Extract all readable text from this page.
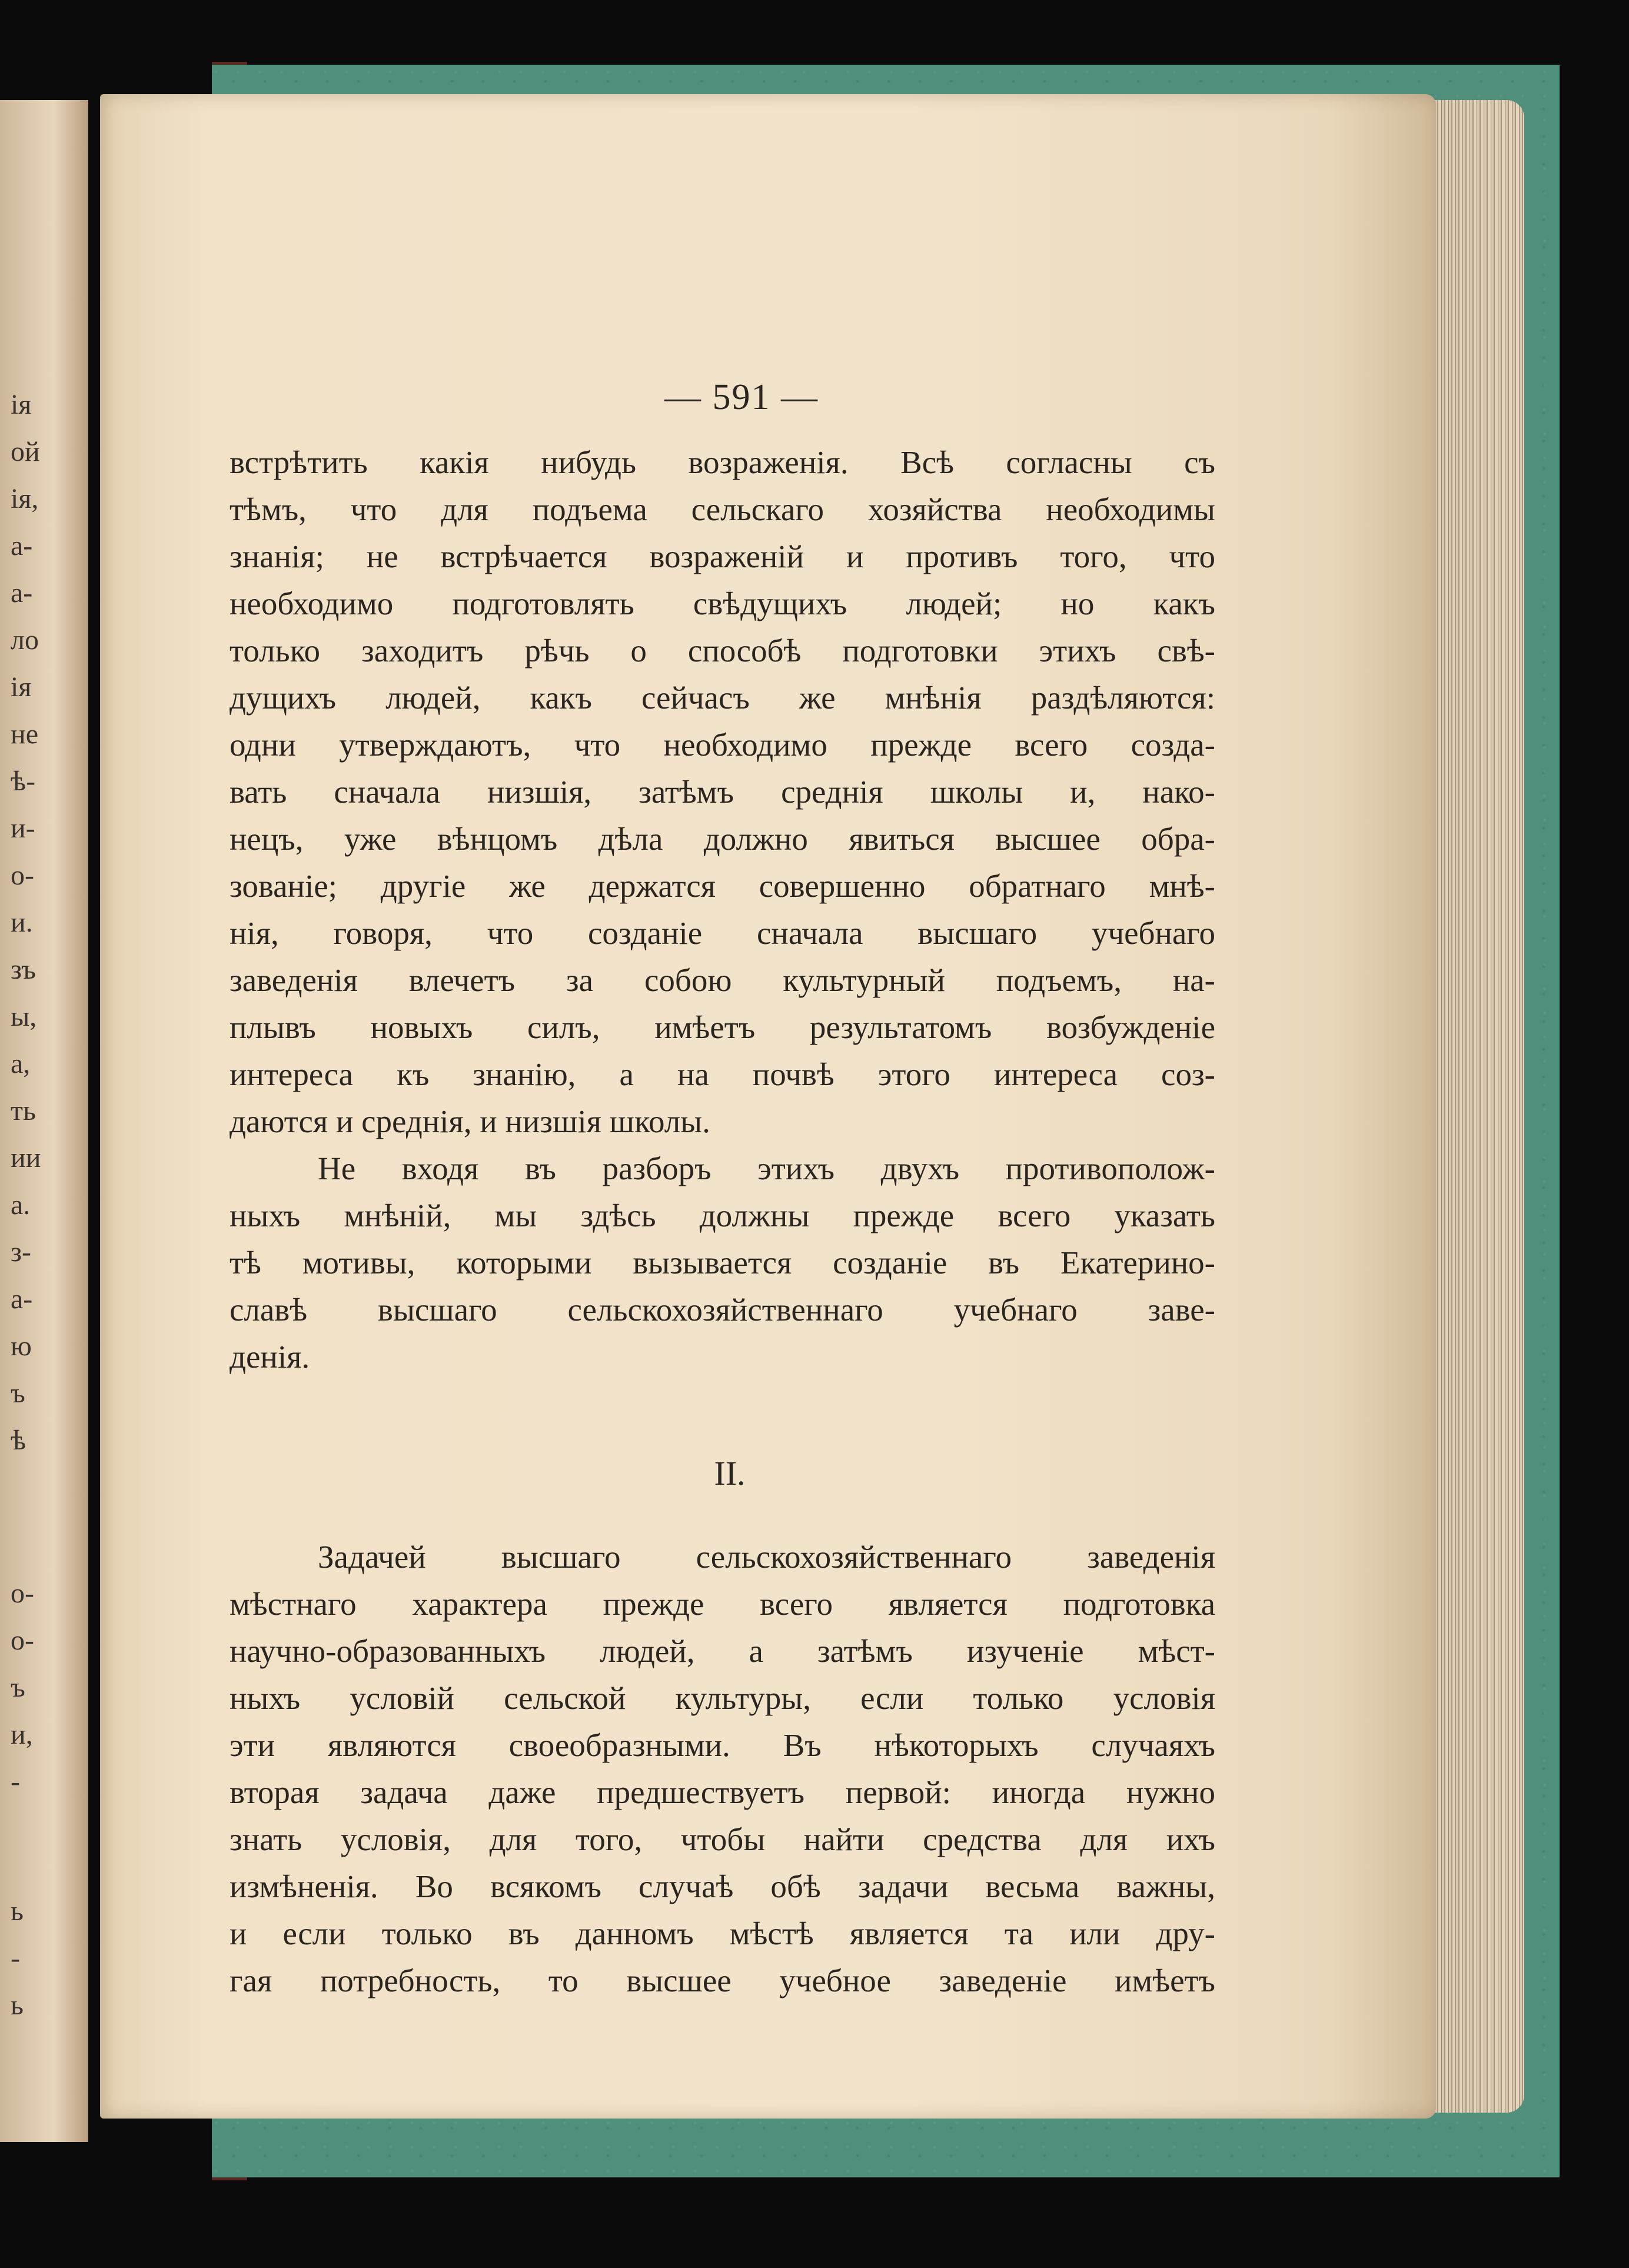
ія
ой
ія,
а-
а-
ло
ія
не
ѣ-
и-
о-
и.
зъ
ы,
а,
ть
ии
а.
з-
а-
ю
ъ
ѣ
о-
о-
ъ
и,
-
ь
-
ь
— 591 —
встрѣтить какія нибудь возраженія. Всѣ согласны съ
тѣмъ, что для подъема сельскаго хозяйства необходимы
знанія; не встрѣчается возраженій и противъ того, что
необходимо подготовлять свѣдущихъ людей; но какъ
только заходитъ рѣчь о способѣ подготовки этихъ свѣ-
дущихъ людей, какъ сейчасъ же мнѣнія раздѣляются:
одни утверждаютъ, что необходимо прежде всего созда-
вать сначала низшія, затѣмъ среднія школы и, нако-
нецъ, уже вѣнцомъ дѣла должно явиться высшее обра-
зованіе; другіе же держатся совершенно обратнаго мнѣ-
нія, говоря, что созданіе сначала высшаго учебнаго
заведенія влечетъ за собою культурный подъемъ, на-
плывъ новыхъ силъ, имѣетъ результатомъ возбужденіе
интереса къ знанію, а на почвѣ этого интереса соз-
даются и среднія, и низшія школы.
Не входя въ разборъ этихъ двухъ противополож-
ныхъ мнѣній, мы здѣсь должны прежде всего указать
тѣ мотивы, которыми вызывается созданіе въ Екатерино-
славѣ высшаго сельскохозяйственнаго учебнаго заве-
денія.
II.
Задачей высшаго сельскохозяйственнаго заведенія
мѣстнаго характера прежде всего является подготовка
научно-образованныхъ людей, а затѣмъ изученіе мѣст-
ныхъ условій сельской культуры, если только условія
эти являются своеобразными. Въ нѣкоторыхъ случаяхъ
вторая задача даже предшествуетъ первой: иногда нужно
знать условія, для того, чтобы найти средства для ихъ
измѣненія. Во всякомъ случаѣ обѣ задачи весьма важны,
и если только въ данномъ мѣстѣ является та или дру-
гая потребность, то высшее учебное заведеніе имѣетъ
